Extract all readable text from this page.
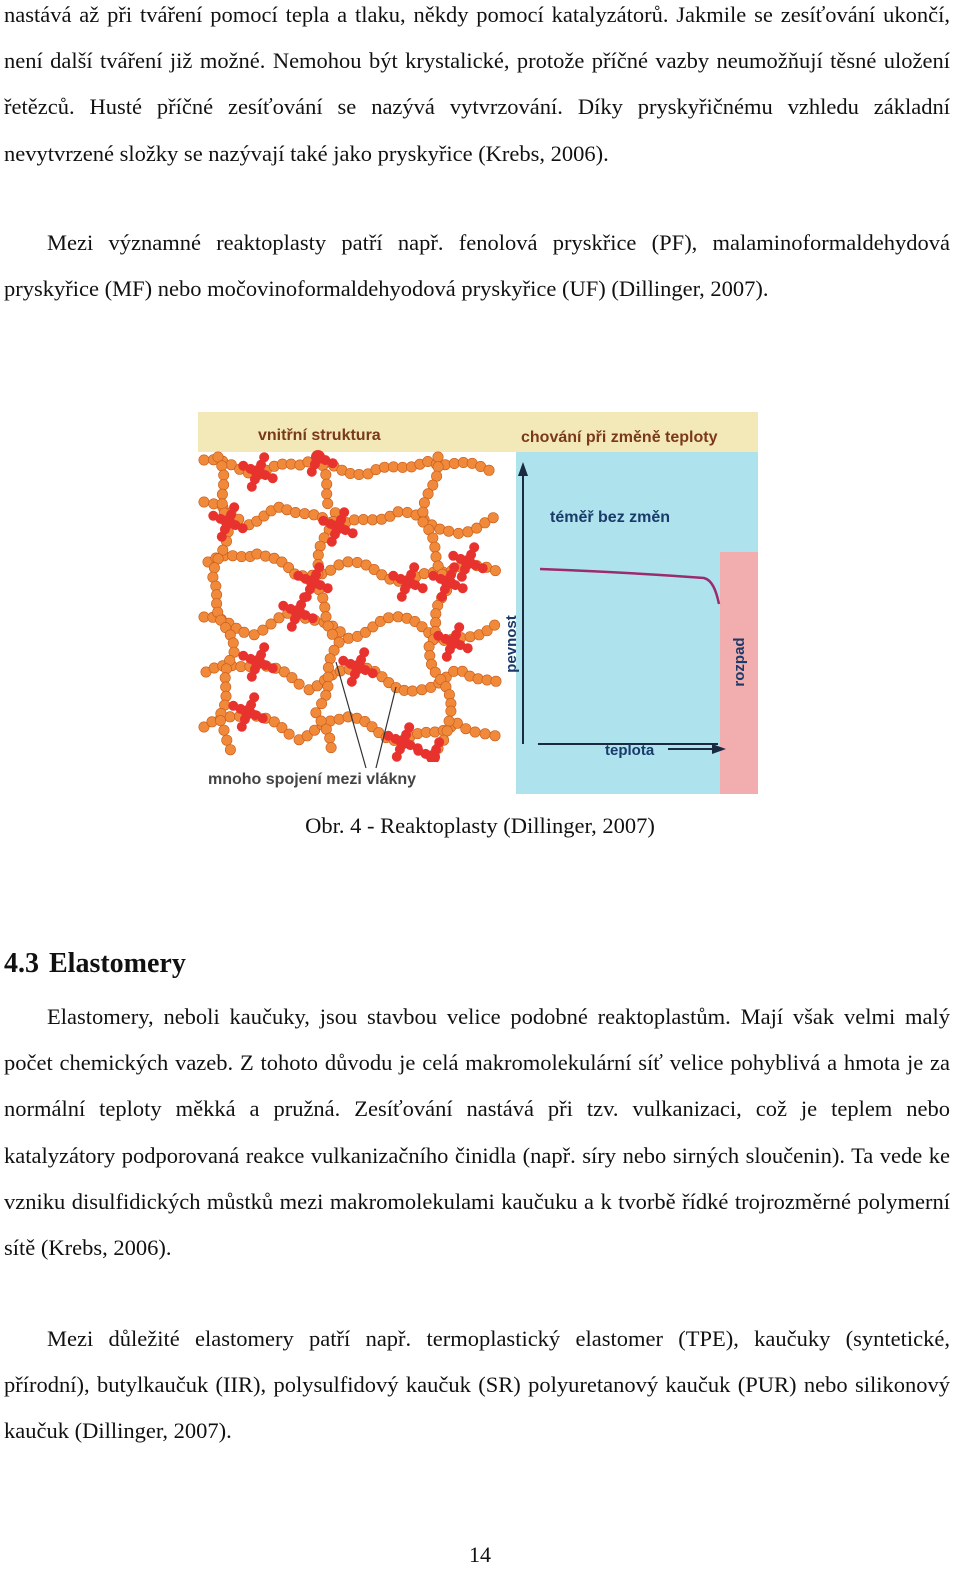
nastává až při tváření pomocí tepla a tlaku, někdy pomocí katalyzátorů. Jakmile se zesíťování ukončí, není další tváření již možné. Nemohou být krystalické, protože příčné vazby neumožňují těsné uložení řetězců. Husté příčné zesíťování se nazývá vytvrzování. Díky pryskyřičnému vzhledu základní nevytvrzené složky se nazývají také jako pryskyřice (Krebs, 2006).

Mezi významné reaktoplasty patří např. fenolová pryskřice (PF), malaminoformaldehydová pryskyřice (MF) nebo močovinoformaldehyodová pryskyřice (UF) (Dillinger, 2007).

vnitřní struktura	chování při změně teploty
mnoho spojení mezi vlákny
rozpad
pevnost
teplota
téměř bez změn

Obr. 4 - Reaktoplasty (Dillinger, 2007)

4.3 Elastomery

Elastomery, neboli kaučuky, jsou stavbou velice podobné reaktoplastům. Mají však velmi malý počet chemických vazeb. Z tohoto důvodu je celá makromolekulární síť velice pohyblivá a hmota je za normální teploty měkká a pružná. Zesíťování nastává při tzv. vulkanizaci, což je teplem nebo katalyzátory podporovaná reakce vulkanizačního činidla (např. síry nebo sirných sloučenin). Ta vede ke vzniku disulfidických můstků mezi makromolekulami kaučuku a k tvorbě řídké trojrozměrné polymerní sítě (Krebs, 2006).

Mezi důležité elastomery patří např. termoplastický elastomer (TPE), kaučuky (syntetické, přírodní), butylkaučuk (IIR), polysulfidový kaučuk (SR) polyuretanový kaučuk (PUR) nebo silikonový kaučuk (Dillinger, 2007).

14
